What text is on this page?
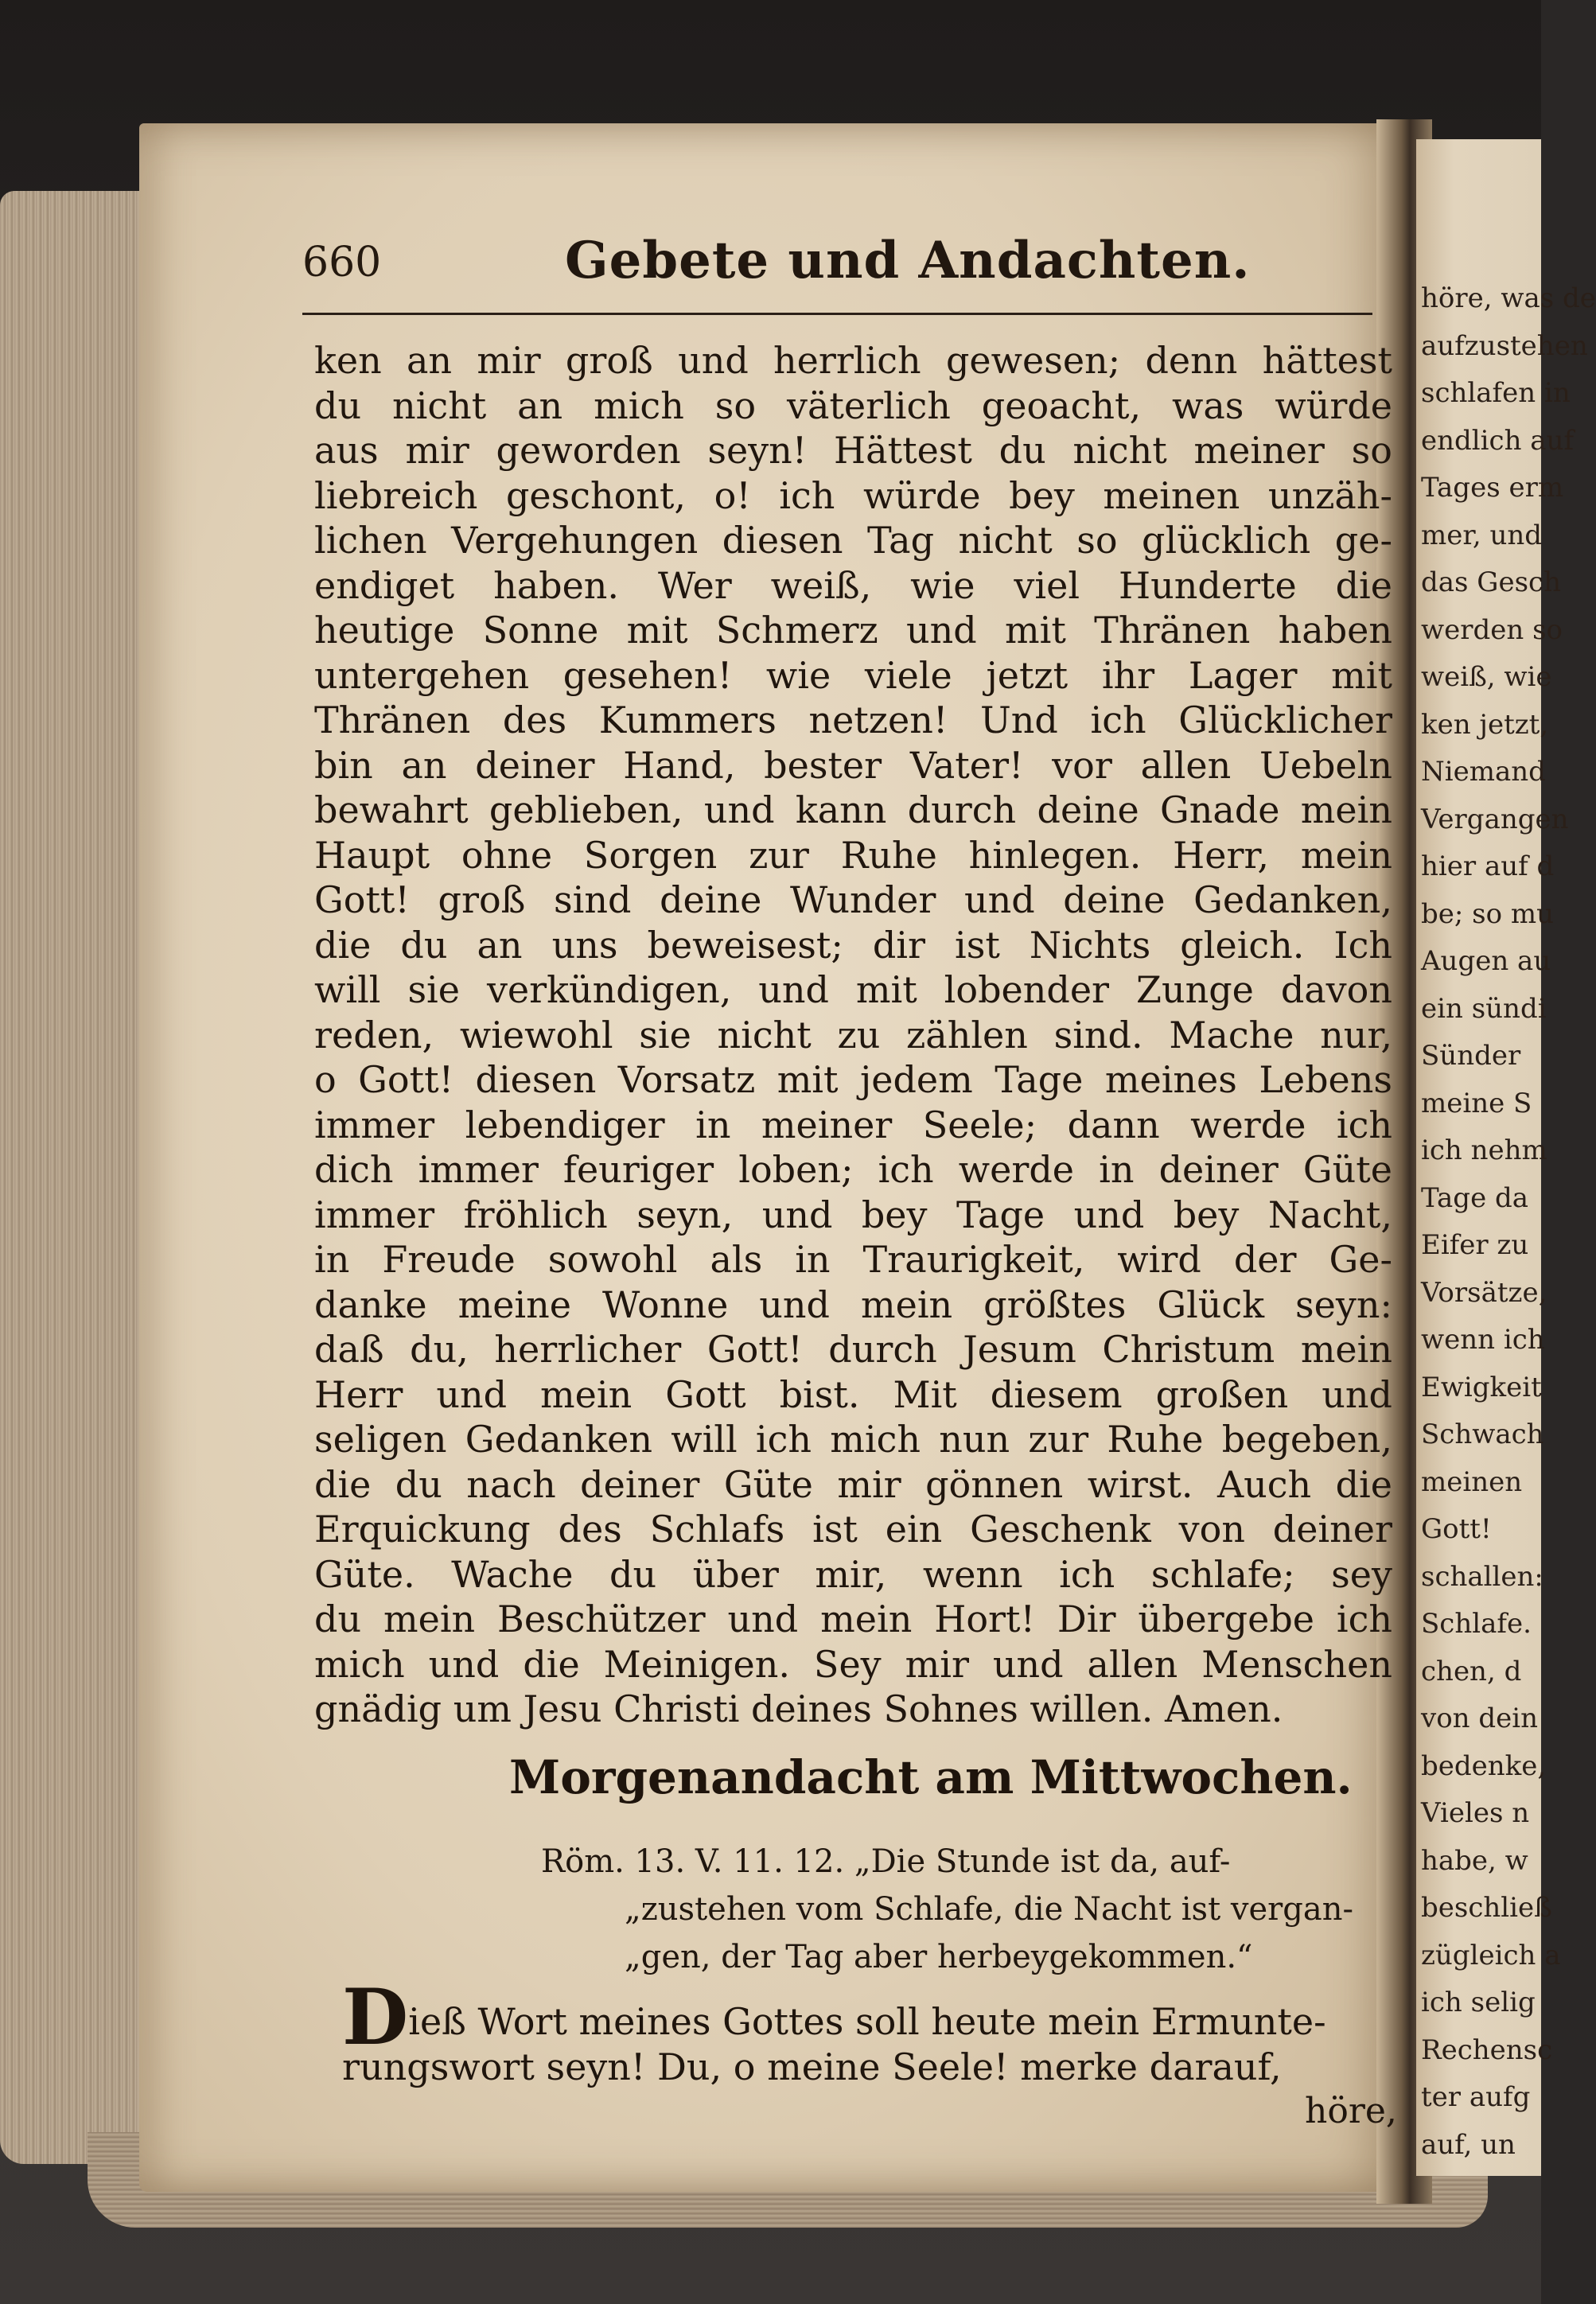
höre, was de
aufzustehen
schlafen in
endlich auf
Tages erm
mer, und
das Gesch
werden so
weiß, wie
ken jetzt,
Niemand
Vergangen
hier auf d
be; so mu
Augen au
ein sündi
Sünder
meine S
ich nehm
Tage da
Eifer zu
Vorsätze,
wenn ich
Ewigkeit
Schwach
meinen
Gott!
schallen:
Schlafe.
chen, d
von dein
bedenke,
Vieles n
habe, w
beschließ
zügleich a
ich selig
Rechensc
ter aufg
auf, un
660	Gebete und Andachten.
ken an mir groß und herrlich gewesen; denn hättest
du nicht an mich so väterlich geoacht, was würde
aus mir geworden seyn! Hättest du nicht meiner so
liebreich geschont, o! ich würde bey meinen unzäh-
lichen Vergehungen diesen Tag nicht so glücklich ge-
endiget haben. Wer weiß, wie viel Hunderte die
heutige Sonne mit Schmerz und mit Thränen haben
untergehen gesehen! wie viele jetzt ihr Lager mit
Thränen des Kummers netzen! Und ich Glücklicher
bin an deiner Hand, bester Vater! vor allen Uebeln
bewahrt geblieben, und kann durch deine Gnade mein
Haupt ohne Sorgen zur Ruhe hinlegen. Herr, mein
Gott! groß sind deine Wunder und deine Gedanken,
die du an uns beweisest; dir ist Nichts gleich. Ich
will sie verkündigen, und mit lobender Zunge davon
reden, wiewohl sie nicht zu zählen sind. Mache nur,
o Gott! diesen Vorsatz mit jedem Tage meines Lebens
immer lebendiger in meiner Seele; dann werde ich
dich immer feuriger loben; ich werde in deiner Güte
immer fröhlich seyn, und bey Tage und bey Nacht,
in Freude sowohl als in Traurigkeit, wird der Ge-
danke meine Wonne und mein größtes Glück seyn:
daß du, herrlicher Gott! durch Jesum Christum mein
Herr und mein Gott bist. Mit diesem großen und
seligen Gedanken will ich mich nun zur Ruhe begeben,
die du nach deiner Güte mir gönnen wirst. Auch die
Erquickung des Schlafs ist ein Geschenk von deiner
Güte. Wache du über mir, wenn ich schlafe; sey
du mein Beschützer und mein Hort! Dir übergebe ich
mich und die Meinigen. Sey mir und allen Menschen
gnädig um Jesu Christi deines Sohnes willen. Amen.
Morgenandacht am Mittwochen.
Röm. 13. V. 11. 12. „Die Stunde ist da, auf-
„zustehen vom Schlafe, die Nacht ist vergan-
„gen, der Tag aber herbeygekommen.“
Dieß Wort meines Gottes soll heute mein Ermunte-
rungswort seyn! Du, o meine Seele! merke darauf,
höre,
